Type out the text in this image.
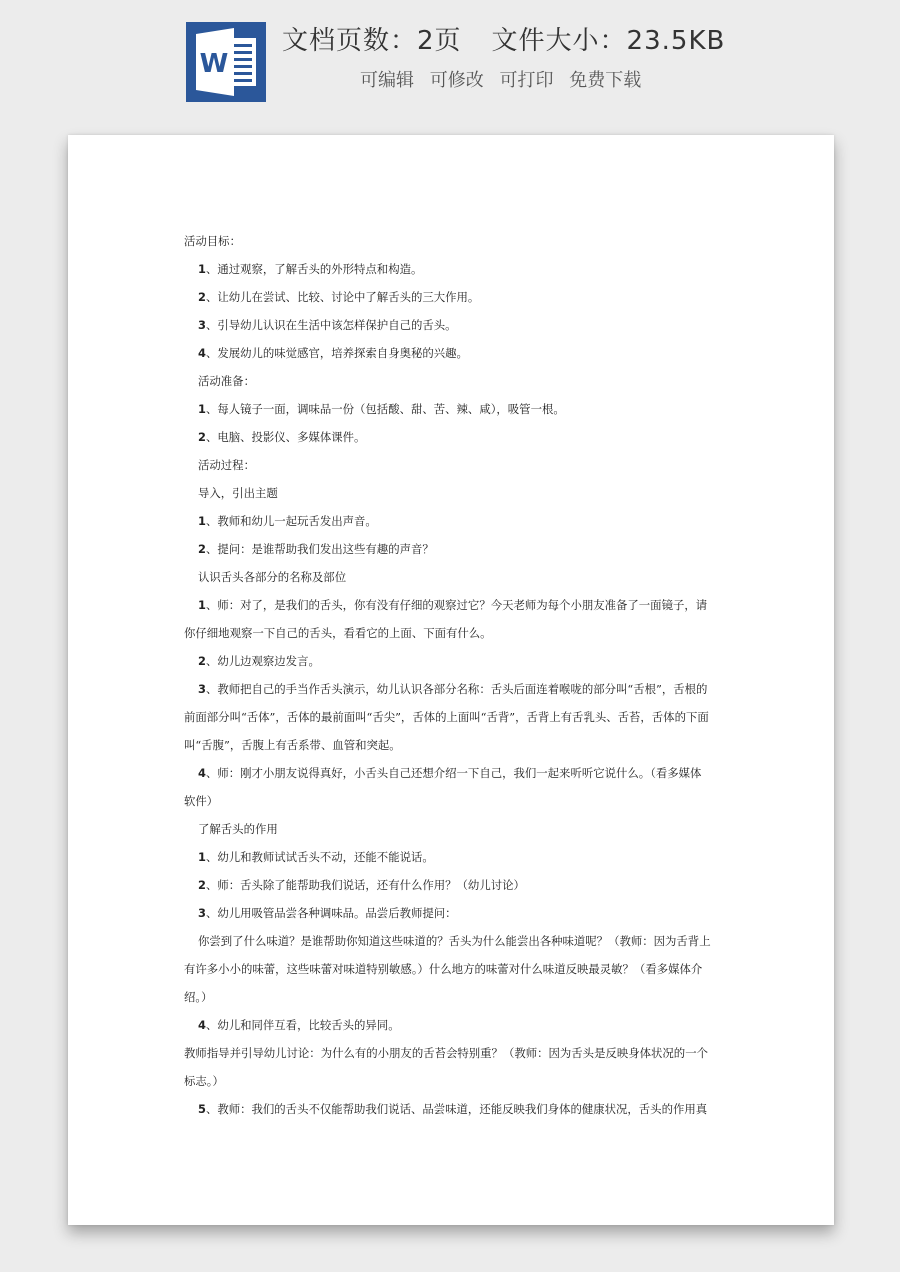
W
文档页数：2页 文件大小：23.5KB
可编辑 可修改 可打印 免费下载
活动目标：
1、通过观察，了解舌头的外形特点和构造。
2、让幼儿在尝试、比较、讨论中了解舌头的三大作用。
3、引导幼儿认识在生活中该怎样保护自己的舌头。
4、发展幼儿的味觉感官，培养探索自身奥秘的兴趣。
活动准备：
1、每人镜子一面，调味品一份（包括酸、甜、苦、辣、咸），吸管一根。
2、电脑、投影仪、多媒体课件。
活动过程：
导入，引出主题
1、教师和幼儿一起玩舌发出声音。
2、提问：是谁帮助我们发出这些有趣的声音？
认识舌头各部分的名称及部位
1、师：对了，是我们的舌头，你有没有仔细的观察过它？今天老师为每个小朋友准备了一面镜子，请
你仔细地观察一下自己的舌头，看看它的上面、下面有什么。
2、幼儿边观察边发言。
3、教师把自己的手当作舌头演示，幼儿认识各部分名称：舌头后面连着喉咙的部分叫“舌根”，舌根的
前面部分叫“舌体”，舌体的最前面叫“舌尖”，舌体的上面叫“舌背”，舌背上有舌乳头、舌苔，舌体的下面
叫“舌腹”，舌腹上有舌系带、血管和突起。
4、师：刚才小朋友说得真好，小舌头自己还想介绍一下自己，我们一起来听听它说什么。（看多媒体
软件）
了解舌头的作用
1、幼儿和教师试试舌头不动，还能不能说话。
2、师：舌头除了能帮助我们说话，还有什么作用？（幼儿讨论）
3、幼儿用吸管品尝各种调味品。品尝后教师提问：
你尝到了什么味道？是谁帮助你知道这些味道的？舌头为什么能尝出各种味道呢？（教师：因为舌背上
有许多小小的味蕾，这些味蕾对味道特别敏感。）什么地方的味蕾对什么味道反映最灵敏？（看多媒体介
绍。）
4、幼儿和同伴互看，比较舌头的异同。
教师指导并引导幼儿讨论：为什么有的小朋友的舌苔会特别重？（教师：因为舌头是反映身体状况的一个
标志。）
5、教师：我们的舌头不仅能帮助我们说话、品尝味道，还能反映我们身体的健康状况，舌头的作用真
